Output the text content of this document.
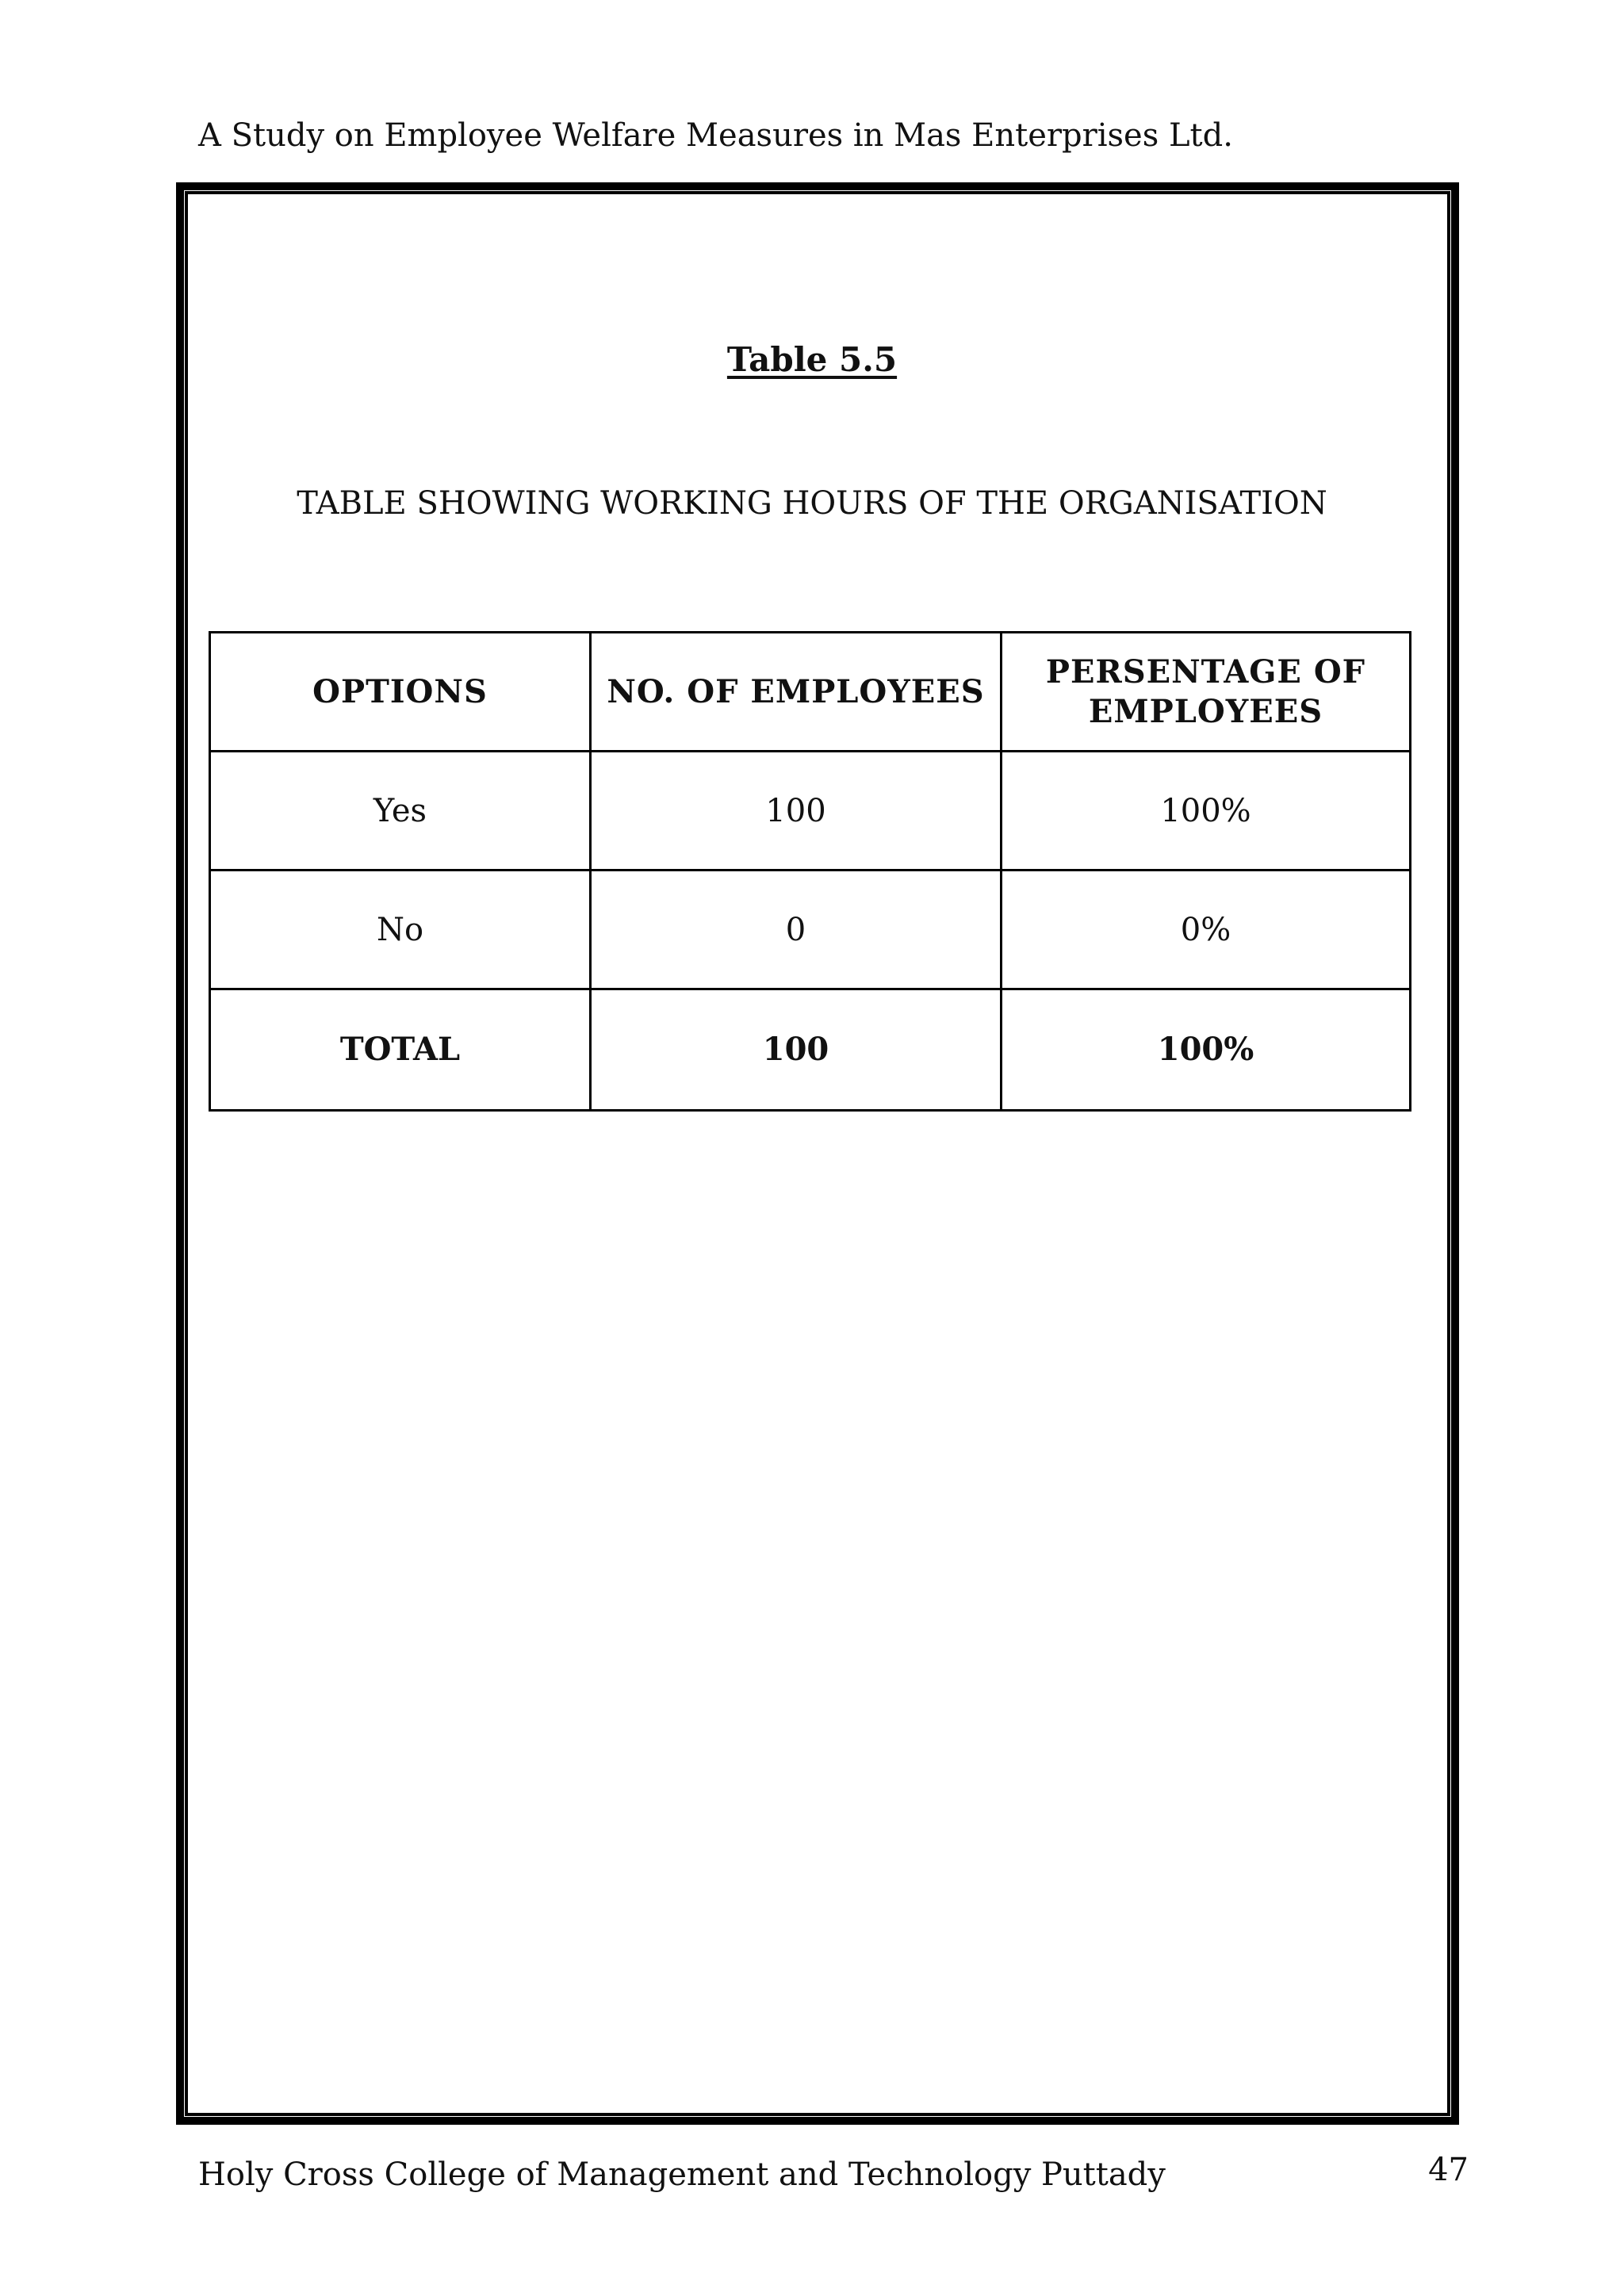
A Study on Employee Welfare Measures in Mas Enterprises Ltd.
Table 5.5
TABLE SHOWING WORKING HOURS OF THE ORGANISATION
OPTIONS	NO. OF EMPLOYEES	PERSENTAGE OF EMPLOYEES
Yes	100	100%
No	0	0%
TOTAL	100	100%
Holy Cross College of Management and Technology Puttady	47
